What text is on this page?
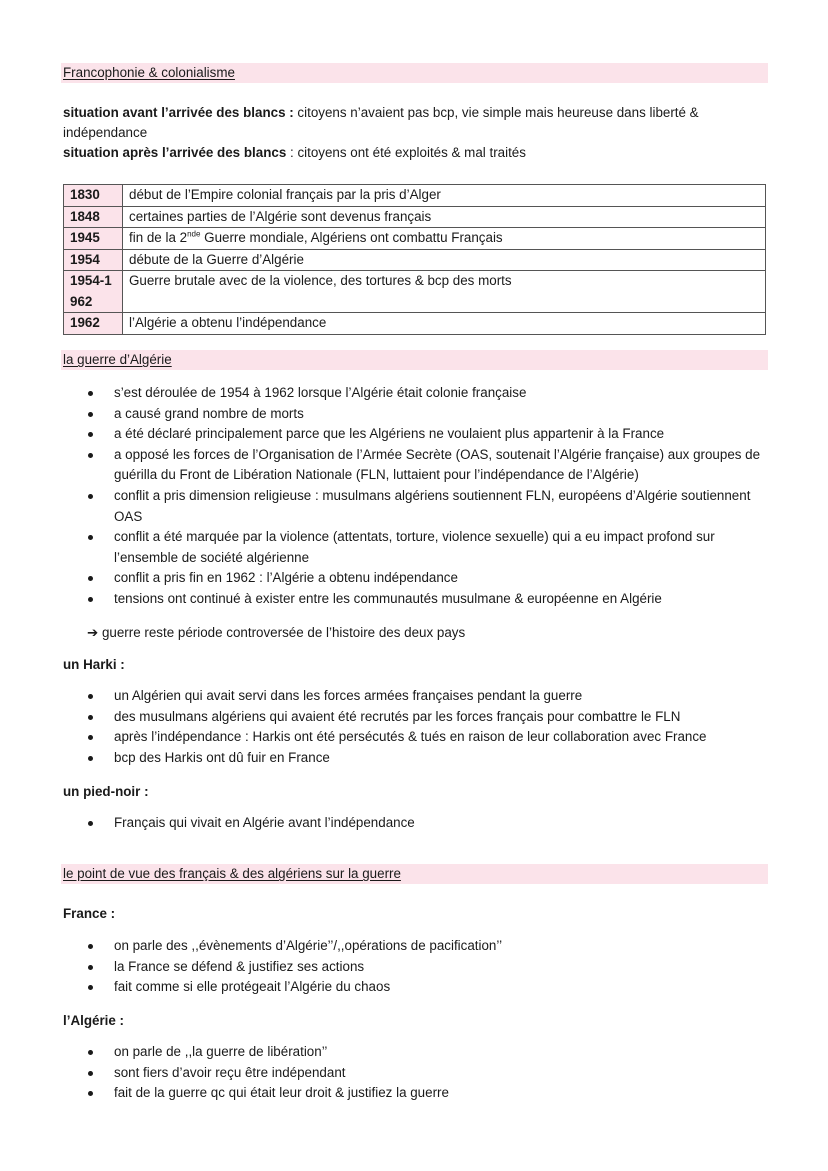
Francophonie & colonialisme
situation avant l’arrivée des blancs : citoyens n’avaient pas bcp, vie simple mais heureuse dans liberté & indépendance
situation après l’arrivée des blancs : citoyens ont été exploités & mal traités
1830	début de l’Empire colonial français par la pris d’Alger
1848	certaines parties de l’Algérie sont devenus français
1945	fin de la 2nde Guerre mondiale, Algériens ont combattu Français
1954	débute de la Guerre d’Algérie
1954-1962	Guerre brutale avec de la violence, des tortures & bcp des morts
1962	l’Algérie a obtenu l’indépendance
la guerre d’Algérie
s’est déroulée de 1954 à 1962 lorsque l’Algérie était colonie française
a causé grand nombre de morts
a été déclaré principalement parce que les Algériens ne voulaient plus appartenir à la France
a opposé les forces de l’Organisation de l’Armée Secrète (OAS, soutenait l’Algérie française) aux groupes de guérilla du Front de Libération Nationale (FLN, luttaient pour l’indépendance de l’Algérie)
conflit a pris dimension religieuse : musulmans algériens soutiennent FLN, européens d’Algérie soutiennent OAS
conflit a été marquée par la violence (attentats, torture, violence sexuelle) qui a eu impact profond sur l’ensemble de société algérienne
conflit a pris fin en 1962 : l’Algérie a obtenu indépendance
tensions ont continué à exister entre les communautés musulmane & européenne en Algérie
➔ guerre reste période controversée de l’histoire des deux pays
un Harki :
un Algérien qui avait servi dans les forces armées françaises pendant la guerre
des musulmans algériens qui avaient été recrutés par les forces français pour combattre le FLN
après l’indépendance : Harkis ont été persécutés & tués en raison de leur collaboration avec France
bcp des Harkis ont dû fuir en France
un pied-noir :
Français qui vivait en Algérie avant l’indépendance
le point de vue des français & des algériens sur la guerre
France :
on parle des ,,évènements d’Algérie’’/,,opérations de pacification’’
la France se défend & justifiez ses actions
fait comme si elle protégeait l’Algérie du chaos
l’Algérie :
on parle de ,,la guerre de libération’’
sont fiers d’avoir reçu être indépendant
fait de la guerre qc qui était leur droit & justifiez la guerre
